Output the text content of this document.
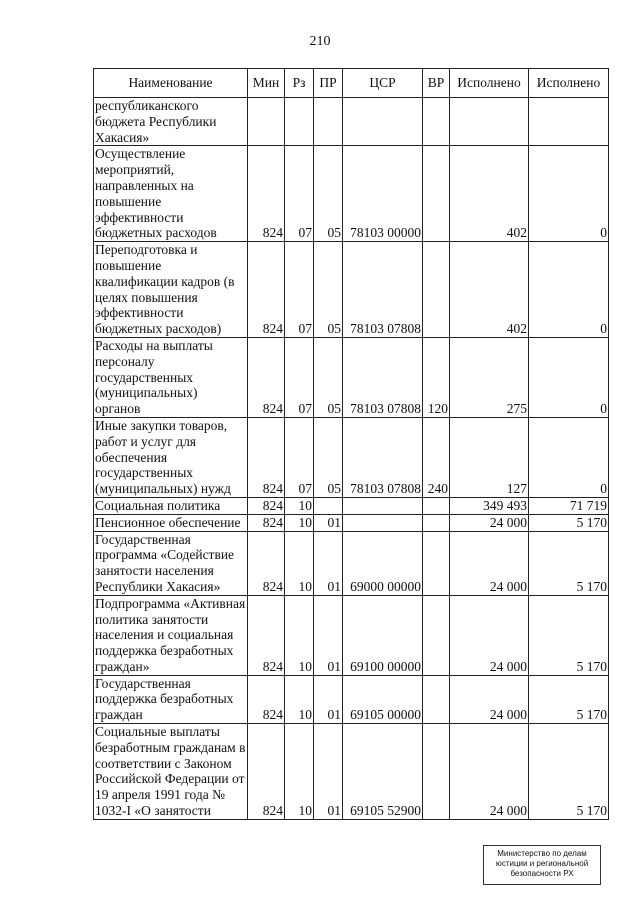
210
Наименование	Мин	Рз	ПР	ЦСР	ВР	Исполнено	Исполнено
республиканского бюджета Республики Хакасия»							
Осуществление мероприятий, направленных на повышение эффективности бюджетных расходов	824	07	05	78103 00000		402	0
Переподготовка и повышение квалификации кадров (в целях повышения эффективности бюджетных расходов)	824	07	05	78103 07808		402	0
Расходы на выплаты персоналу государственных (муниципальных) органов	824	07	05	78103 07808	120	275	0
Иные закупки товаров, работ и услуг для обеспечения государственных (муниципальных) нужд	824	07	05	78103 07808	240	127	0
Социальная политика	824	10				349 493	71 719
Пенсионное обеспечение	824	10	01			24 000	5 170
Государственная программа «Содействие занятости населения Республики Хакасия»	824	10	01	69000 00000		24 000	5 170
Подпрограмма «Активная политика занятости населения и социальная поддержка безработных граждан»	824	10	01	69100 00000		24 000	5 170
Государственная поддержка безработных граждан	824	10	01	69105 00000		24 000	5 170
Социальные выплаты безработным гражданам в соответствии с Законом Российской Федерации от 19 апреля 1991 года № 1032-I «О занятости	824	10	01	69105 52900		24 000	5 170
Министерство по делам
юстиции и региональной
безопасности РХ
